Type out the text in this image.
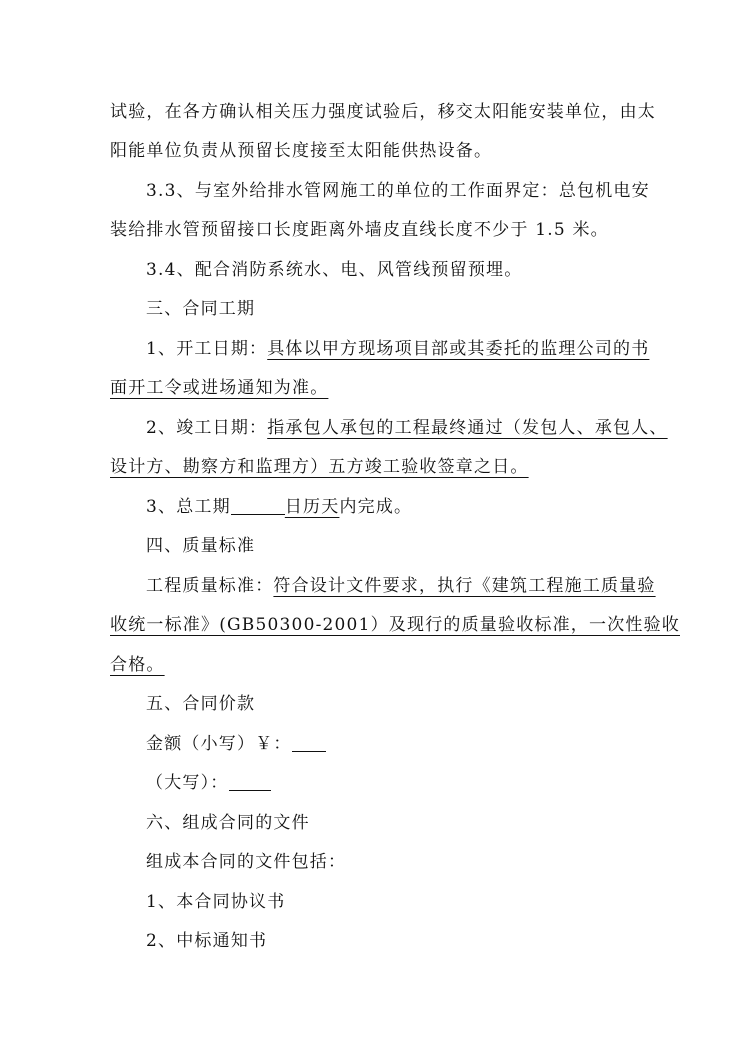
试验，在各方确认相关压力强度试验后，移交太阳能安装单位，由太
阳能单位负责从预留长度接至太阳能供热设备。
3.3、与室外给排水管网施工的单位的工作面界定：总包机电安
装给排水管预留接口长度距离外墙皮直线长度不少于 1.5 米。
3.4、配合消防系统水、电、风管线预留预埋。
三、合同工期
1、开工日期：具体以甲方现场项目部或其委托的监理公司的书
面开工令或进场通知为准。
2、竣工日期：指承包人承包的工程最终通过（发包人、承包人、
设计方、勘察方和监理方）五方竣工验收签章之日。
3、总工期	日历天内完成。
四、质量标准
工程质量标准：符合设计文件要求，执行《建筑工程施工质量验
收统一标准》(GB50300-2001）及现行的质量验收标准，一次性验收
合格。
五、合同价款
金额（小写）￥：
（大写）：
六、组成合同的文件
组成本合同的文件包括：
1、本合同协议书
2、中标通知书
